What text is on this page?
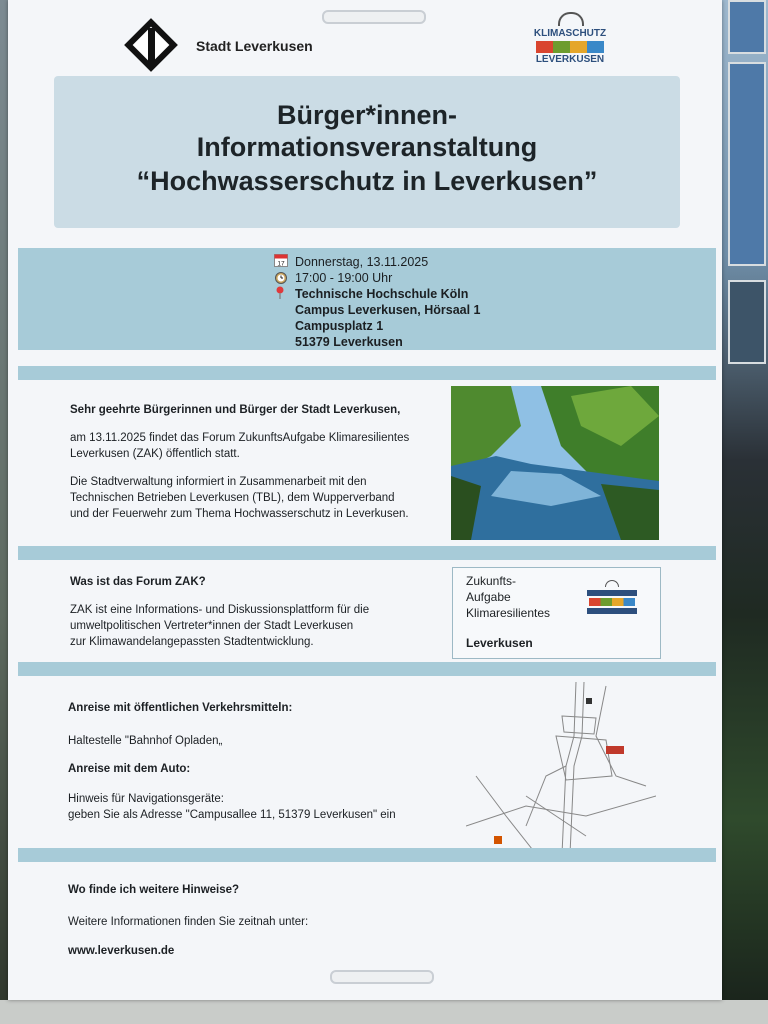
Stadt Leverkusen
KLIMASCHUTZ
LEVERKUSEN
Bürger*innen-
Informationsveranstaltung
“Hochwasserschutz in Leverkusen”
17 Donnerstag, 13.11.2025
17:00 - 19:00 Uhr
Technische Hochschule Köln
Campus Leverkusen, Hörsaal 1
Campusplatz 1
51379 Leverkusen
Sehr geehrte Bürgerinnen und Bürger der Stadt Leverkusen,
am 13.11.2025 findet das Forum ZukunftsAufgabe Klimaresilientes
Leverkusen (ZAK) öffentlich statt.
Die Stadtverwaltung informiert in Zusammenarbeit mit den
Technischen Betrieben Leverkusen (TBL), dem Wupperverband
und der Feuerwehr zum Thema Hochwasserschutz in Leverkusen.
Was ist das Forum ZAK?
ZAK ist eine Informations- und Diskussionsplattform für die
umweltpolitischen Vertreter*innen der Stadt Leverkusen
zur Klimawandelangepassten Stadtentwicklung.
Zukunfts-
Aufgabe
Klimaresilientes
Leverkusen
Anreise mit öffentlichen Verkehrsmitteln:
Haltestelle "Bahnhof Opladen„
Anreise mit dem Auto:
Hinweis für Navigationsgeräte:
geben Sie als Adresse "Campusallee 11, 51379 Leverkusen" ein
Wo finde ich weitere Hinweise?
Weitere Informationen finden Sie zeitnah unter:
www.leverkusen.de
